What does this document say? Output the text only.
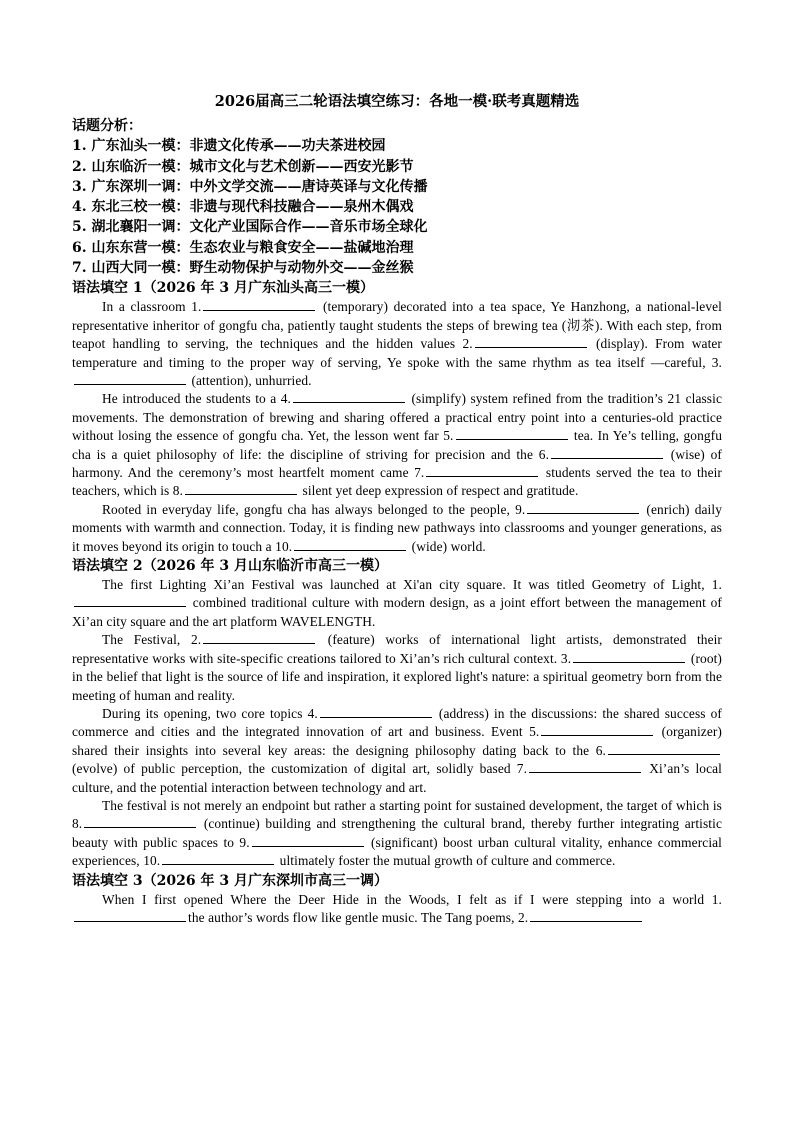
2026届高三二轮语法填空练习：各地一模·联考真题精选

话题分析：

1. 广东汕头一模：非遗文化传承——功夫茶进校园
2. 山东临沂一模：城市文化与艺术创新——西安光影节
3. 广东深圳一调：中外文学交流——唐诗英译与文化传播
4. 东北三校一模：非遗与现代科技融合——泉州木偶戏
5. 湖北襄阳一调：文化产业国际合作——音乐市场全球化
6. 山东东营一模：生态农业与粮食安全——盐碱地治理
7. 山西大同一模：野生动物保护与动物外交——金丝猴

语法填空 1（2026 年 3 月广东汕头高三一模）

In a classroom 1.	(temporary) decorated into a tea space, Ye Hanzhong, a national-level representative inheritor of gongfu cha, patiently taught students the steps of brewing tea (沏茶). With each step, from teapot handling to serving, the techniques and the hidden values 2.	(display). From water temperature and timing to the proper way of serving, Ye spoke with the same rhythm as tea itself —careful, 3. (attention), unhurried.

He introduced the students to a 4.	(simplify) system refined from the tradition’s 21 classic movements. The demonstration of brewing and sharing offered a practical entry point into a centuries-old practice without losing the essence of gongfu cha. Yet, the lesson went far 5.	tea. In Ye’s telling, gongfu cha is a quiet philosophy of life: the discipline of striving for precision and the 6.	(wise) of harmony. And the ceremony’s most heartfelt moment came 7.	students served the tea to their teachers, which is 8.	silent yet deep expression of respect and gratitude.

Rooted in everyday life, gongfu cha has always belonged to the people, 9.	(enrich) daily moments with warmth and connection. Today, it is finding new pathways into classrooms and younger generations, as it moves beyond its origin to touch a 10.	(wide) world.

语法填空 2（2026 年 3 月山东临沂市高三一模）

The first Lighting Xi’an Festival was launched at Xi'an city square. It was titled Geometry of Light, 1. combined traditional culture with modern design, as a joint effort between the management of Xi’an city square and the art platform WAVELENGTH.

The Festival, 2.	(feature) works of international light artists, demonstrated their representative works with site-specific creations tailored to Xi’an’s rich cultural context. 3.	(root) in the belief that light is the source of life and inspiration, it explored light's nature: a spiritual geometry born from the meeting of human and reality.

During its opening, two core topics 4.	(address) in the discussions: the shared success of commerce and cities and the integrated innovation of art and business. Event 5.	(organizer) shared their insights into several key areas: the designing philosophy dating back to the 6. (evolve) of public perception, the customization of digital art, solidly based 7.	Xi’an’s local culture, and the potential interaction between technology and art.

The festival is not merely an endpoint but rather a starting point for sustained development, the target of which is 8.	(continue) building and strengthening the cultural brand, thereby further integrating artistic beauty with public spaces to 9.	(significant) boost urban cultural vitality, enhance commercial experiences, 10.	ultimately foster the mutual growth of culture and commerce.

语法填空 3（2026 年 3 月广东深圳市高三一调）

When I first opened Where the Deer Hide in the Woods, I felt as if I were stepping into a world 1.the author’s words flow like gentle music. The Tang poems, 2.
